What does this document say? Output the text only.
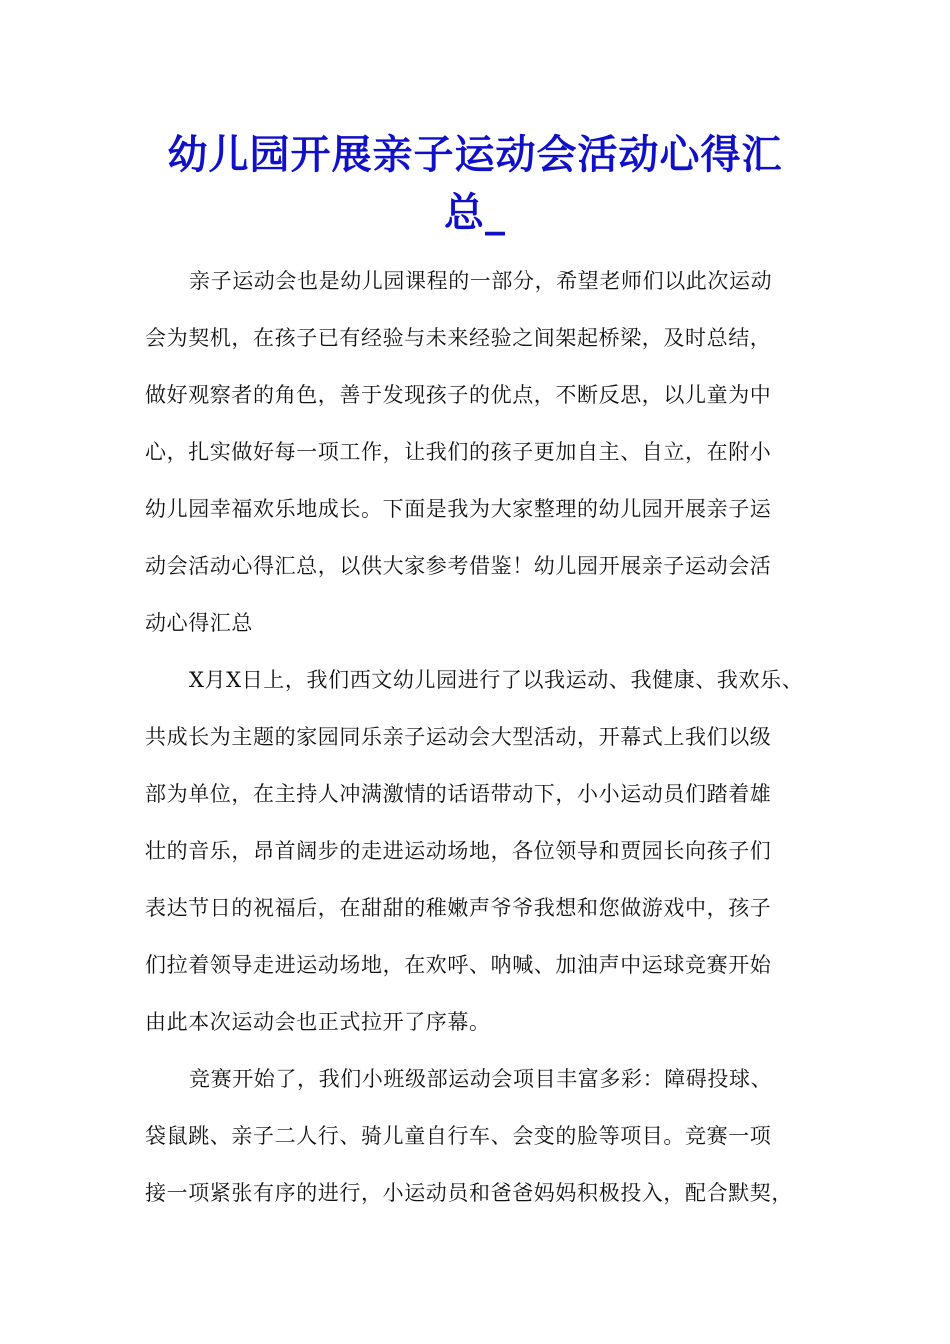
幼儿园开展亲子运动会活动心得汇总_

亲子运动会也是幼儿园课程的一部分，希望老师们以此次运动

会为契机，在孩子已有经验与未来经验之间架起桥梁，及时总结，

做好观察者的角色，善于发现孩子的优点，不断反思，以儿童为中

心，扎实做好每一项工作，让我们的孩子更加自主、自立，在附小

幼儿园幸福欢乐地成长。下面是我为大家整理的幼儿园开展亲子运

动会活动心得汇总，以供大家参考借鉴！幼儿园开展亲子运动会活

动心得汇总

X月X日上，我们西文幼儿园进行了以我运动、我健康、我欢乐、

共成长为主题的家园同乐亲子运动会大型活动，开幕式上我们以级

部为单位，在主持人冲满激情的话语带动下，小小运动员们踏着雄

壮的音乐，昂首阔步的走进运动场地，各位领导和贾园长向孩子们

表达节日的祝福后，在甜甜的稚嫩声爷爷我想和您做游戏中，孩子

们拉着领导走进运动场地，在欢呼、呐喊、加油声中运球竞赛开始

由此本次运动会也正式拉开了序幕。

竞赛开始了，我们小班级部运动会项目丰富多彩：障碍投球、

袋鼠跳、亲子二人行、骑儿童自行车、会变的脸等项目。竞赛一项

接一项紧张有序的进行，小运动员和爸爸妈妈积极投入，配合默契，
